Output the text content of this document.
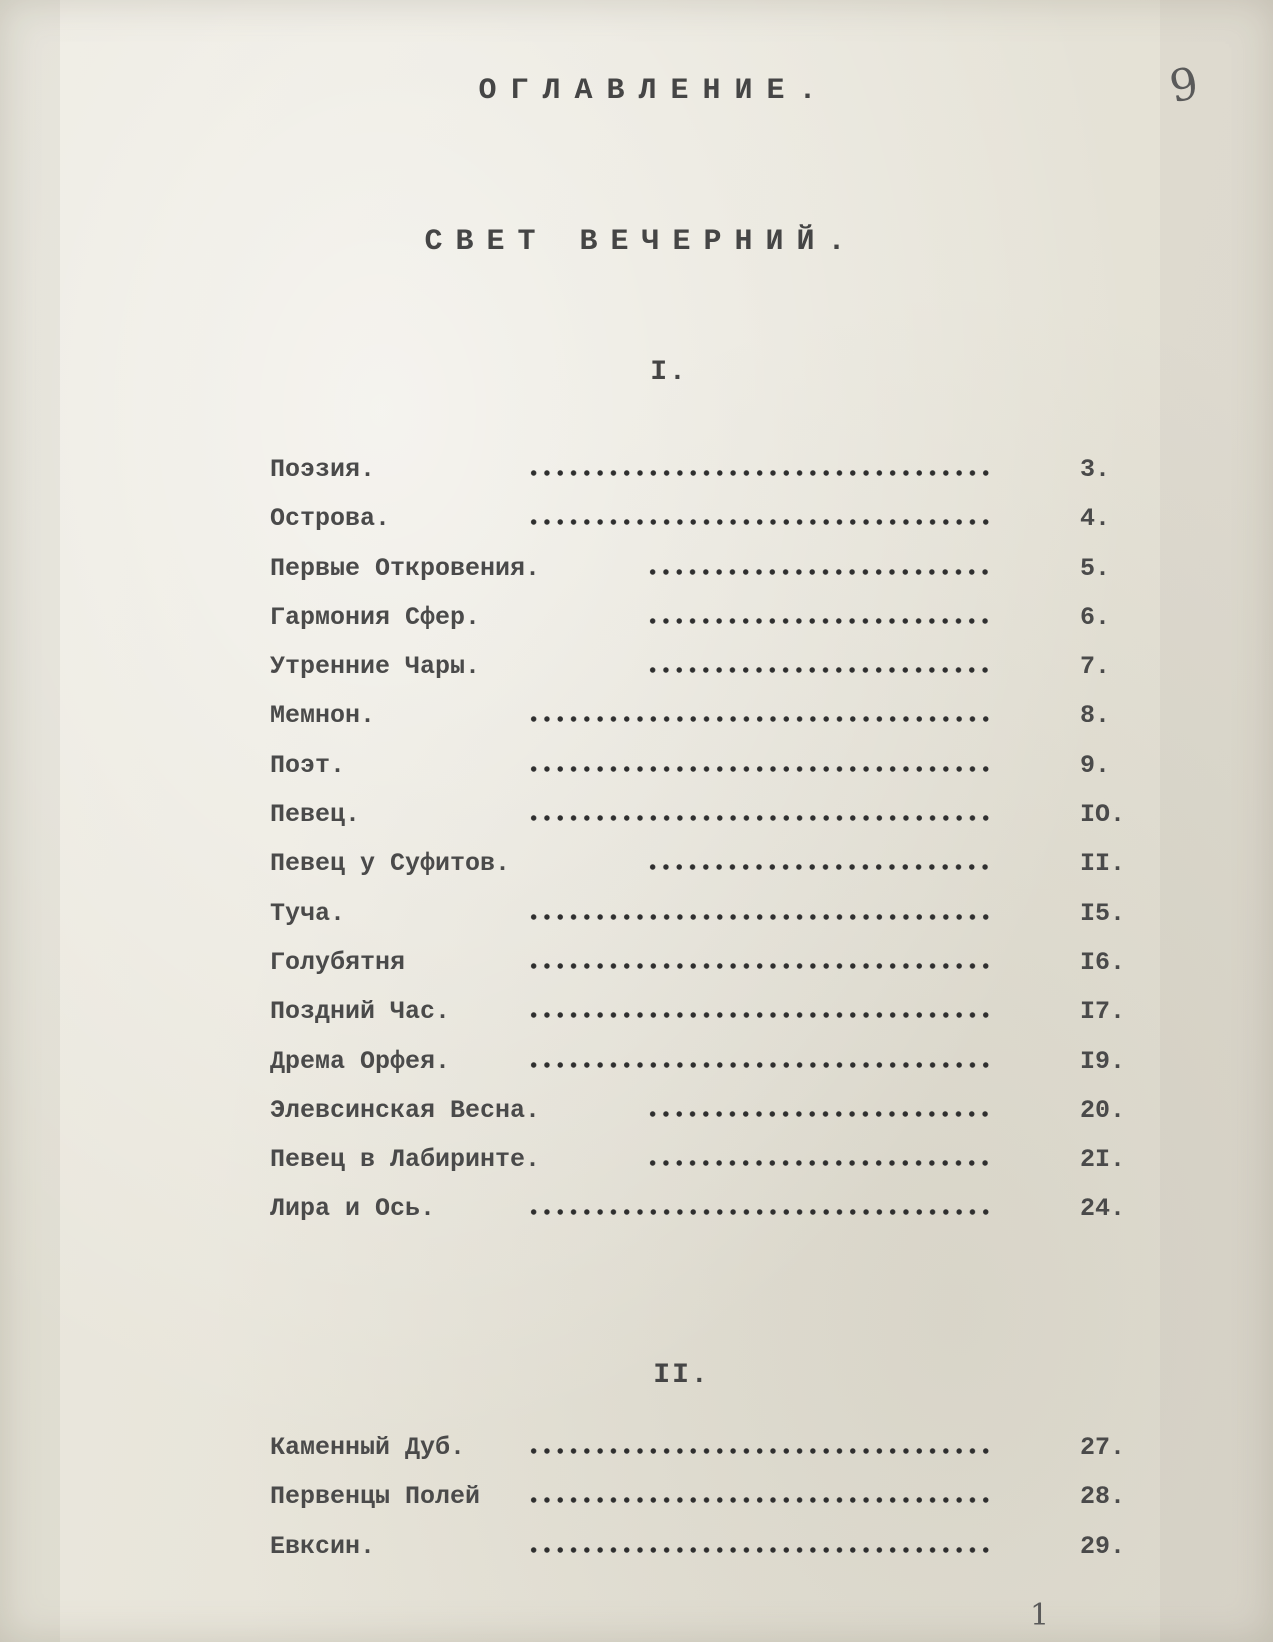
9
ОГЛАВЛЕНИЕ.
СВЕТ ВЕЧЕРНИЙ.
I.
Поэзия.	3.
Острова.	4.
Первые Откровения.	5.
Гармония Сфер.	6.
Утренние Чары.	7.
Мемнон.	8.
Поэт.	9.
Певец.	IO.
Певец у Суфитов.	II.
Туча.	I5.
Голубятня	I6.
Поздний Час.	I7.
Дрема Орфея.	I9.
Элевсинская Весна.	20.
Певец в Лабиринте.	2I.
Лира и Ось.	24.
II.
Каменный Дуб.	27.
Первенцы Полей	28.
Евксин.	29.
1
